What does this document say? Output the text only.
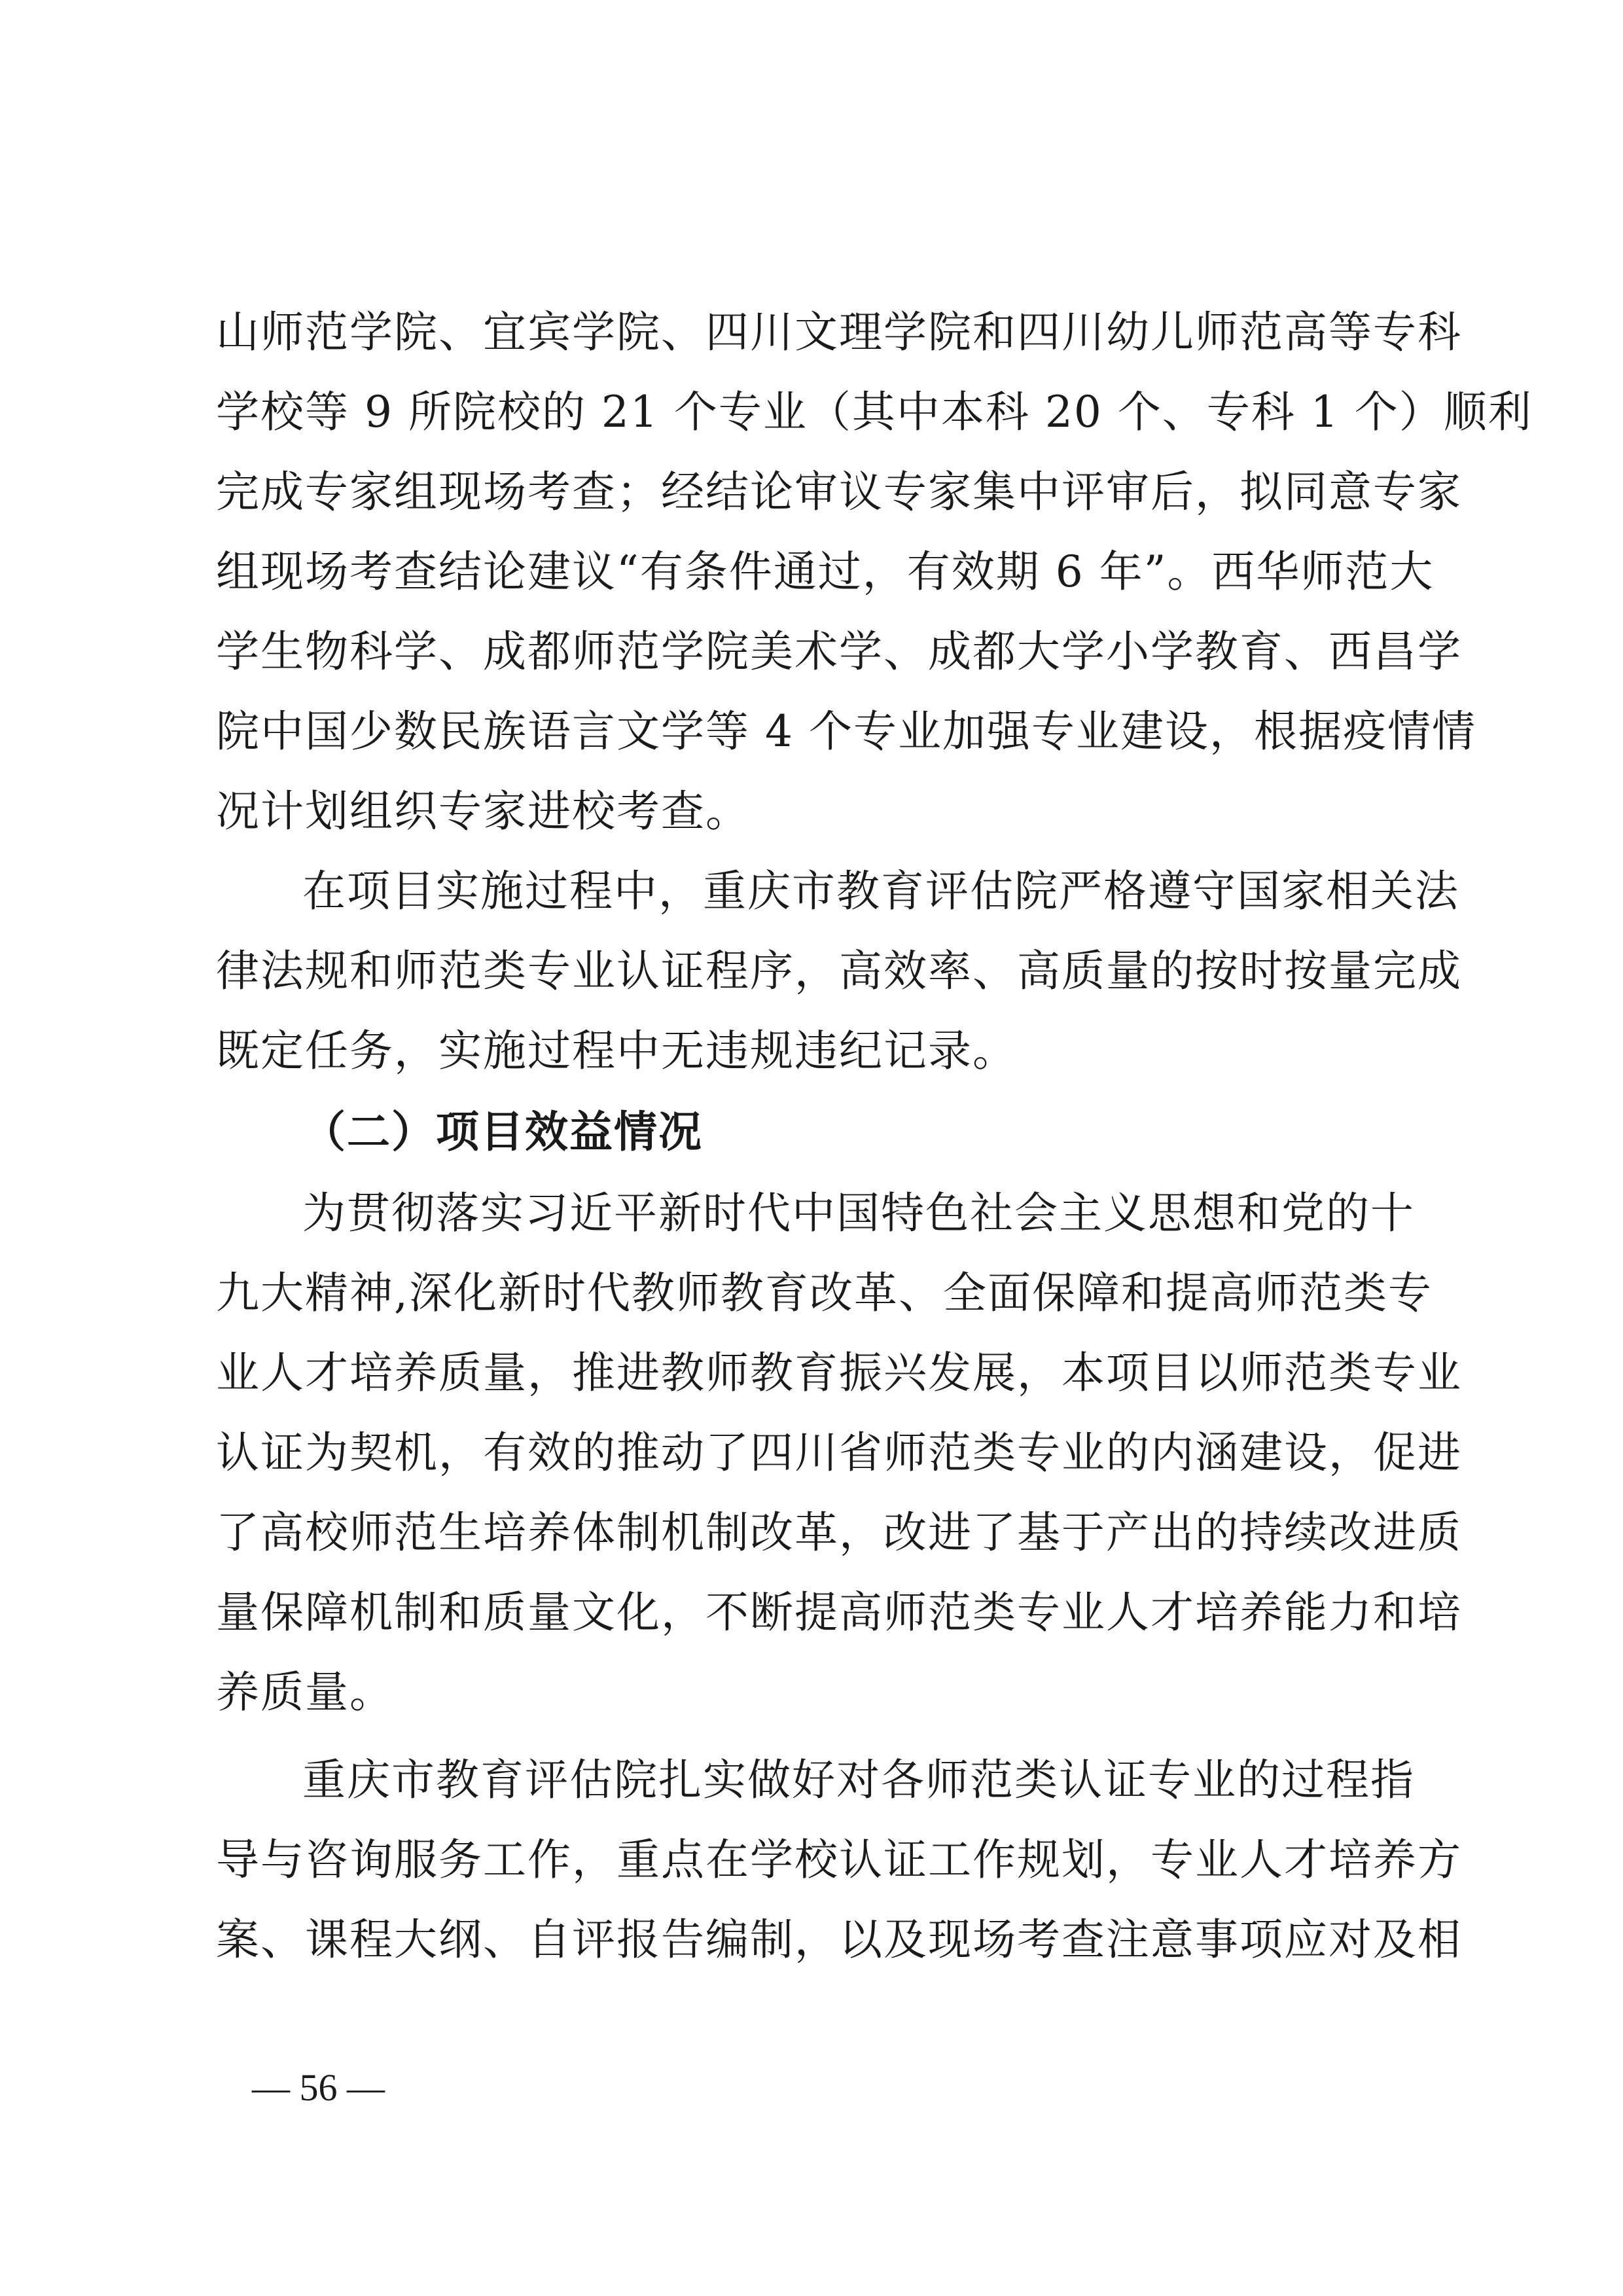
山师范学院、宜宾学院、四川文理学院和四川幼儿师范高等专科
学校等 9 所院校的 21 个专业（其中本科 20 个、专科 1 个）顺利
完成专家组现场考查；经结论审议专家集中评审后，拟同意专家
组现场考查结论建议“有条件通过，有效期 6 年”。西华师范大
学生物科学、成都师范学院美术学、成都大学小学教育、西昌学
院中国少数民族语言文学等 4 个专业加强专业建设，根据疫情情
况计划组织专家进校考查。
在项目实施过程中，重庆市教育评估院严格遵守国家相关法
律法规和师范类专业认证程序，高效率、高质量的按时按量完成
既定任务，实施过程中无违规违纪记录。
（二）项目效益情况
为贯彻落实习近平新时代中国特色社会主义思想和党的十
九大精神,深化新时代教师教育改革、全面保障和提高师范类专
业人才培养质量，推进教师教育振兴发展，本项目以师范类专业
认证为契机，有效的推动了四川省师范类专业的内涵建设，促进
了高校师范生培养体制机制改革，改进了基于产出的持续改进质
量保障机制和质量文化，不断提高师范类专业人才培养能力和培
养质量。
重庆市教育评估院扎实做好对各师范类认证专业的过程指
导与咨询服务工作，重点在学校认证工作规划，专业人才培养方
案、课程大纲、自评报告编制，以及现场考查注意事项应对及相
— 56 —
